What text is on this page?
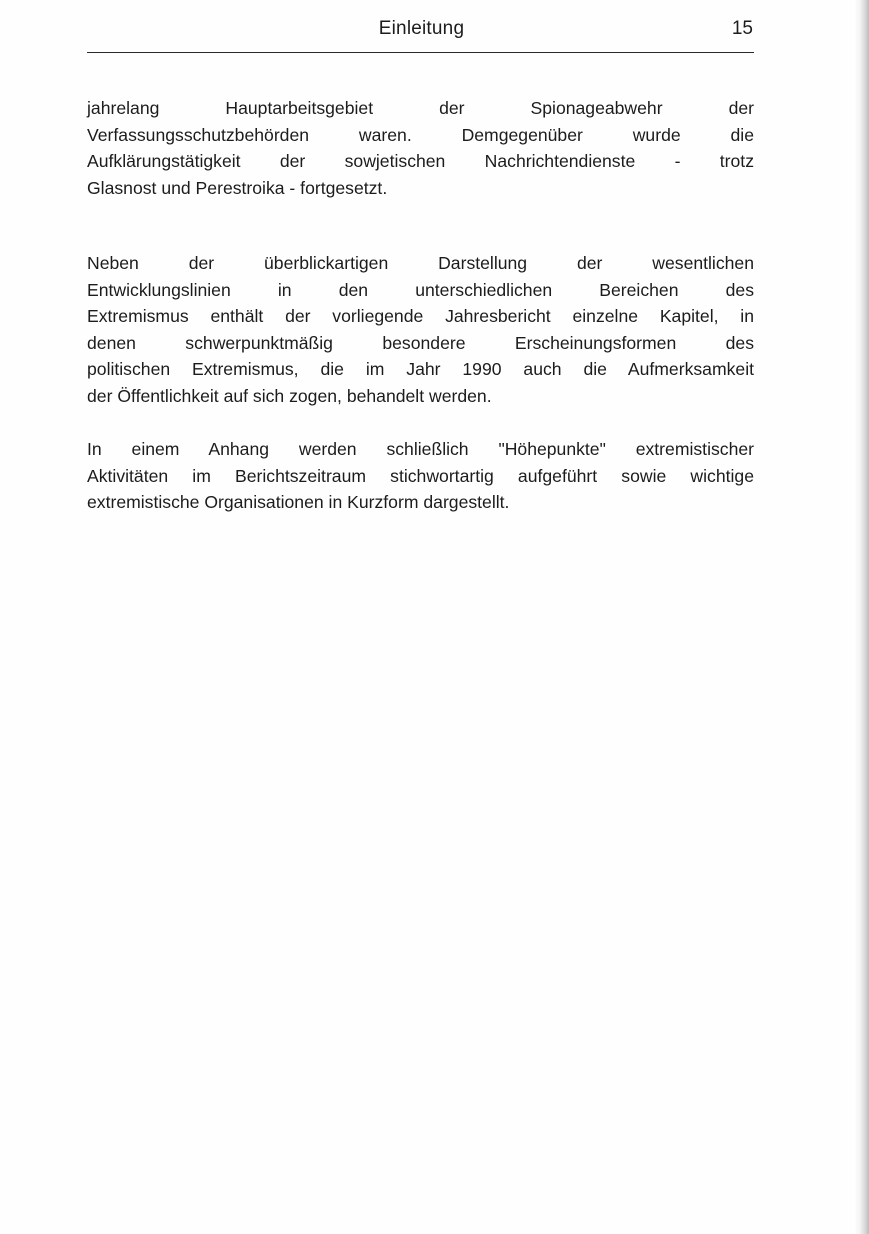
Einleitung	15

jahrelang Hauptarbeitsgebiet der Spionageabwehr der
Verfassungsschutzbehörden waren. Demgegenüber wurde die
Aufklärungstätigkeit der sowjetischen Nachrichtendienste - trotz
Glasnost und Perestroika - fortgesetzt.

Neben der überblickartigen Darstellung der wesentlichen
Entwicklungslinien in den unterschiedlichen Bereichen des
Extremismus enthält der vorliegende Jahresbericht einzelne Kapitel, in
denen schwerpunktmäßig besondere Erscheinungsformen des
politischen Extremismus, die im Jahr 1990 auch die Aufmerksamkeit
der Öffentlichkeit auf sich zogen, behandelt werden.

In einem Anhang werden schließlich "Höhepunkte" extremistischer
Aktivitäten im Berichtszeitraum stichwortartig aufgeführt sowie wichtige
extremistische Organisationen in Kurzform dargestellt.
